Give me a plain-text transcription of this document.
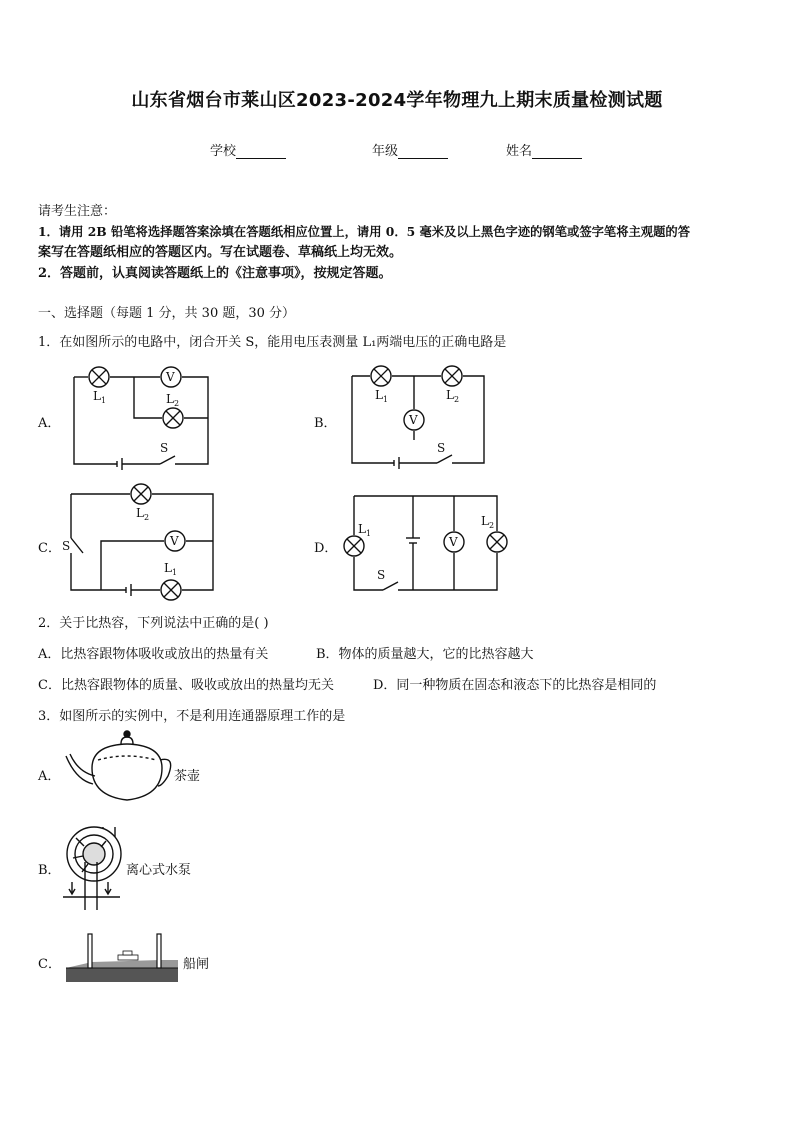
山东省烟台市莱山区2023-2024学年物理九上期末质量检测试题
学校	年级	姓名
请考生注意：
1．请用 2B 铅笔将选择题答案涂填在答题纸相应位置上，请用 0．5 毫米及以上黑色字迹的钢笔或签字笔将主观题的答
案写在答题纸相应的答题区内。写在试题卷、草稿纸上均无效。
2．答题前，认真阅读答题纸上的《注意事项》，按规定答题。
一、选择题（每题 1 分，共 30 题，30 分）
1．在如图所示的电路中，闭合开关 S，能用电压表测量 L₁两端电压的正确电路是
A．	B．
C．	D．
V
$L_1$	$L_2$
S
V
$L_1$	$L_2$
S
V
$L_2$
$L_1$
S	V
$L_1$
$L_2$
S
2．关于比热容，下列说法中正确的是( )
A．比热容跟物体吸收或放出的热量有关	B．物体的质量越大，它的比热容越大
C．比热容跟物体的质量、吸收或放出的热量均无关	D．同一种物质在固态和液态下的比热容是相同的
3．如图所示的实例中，不是利用连通器原理工作的是
A．	茶壶
B．	离心式水泵
C．	船闸
